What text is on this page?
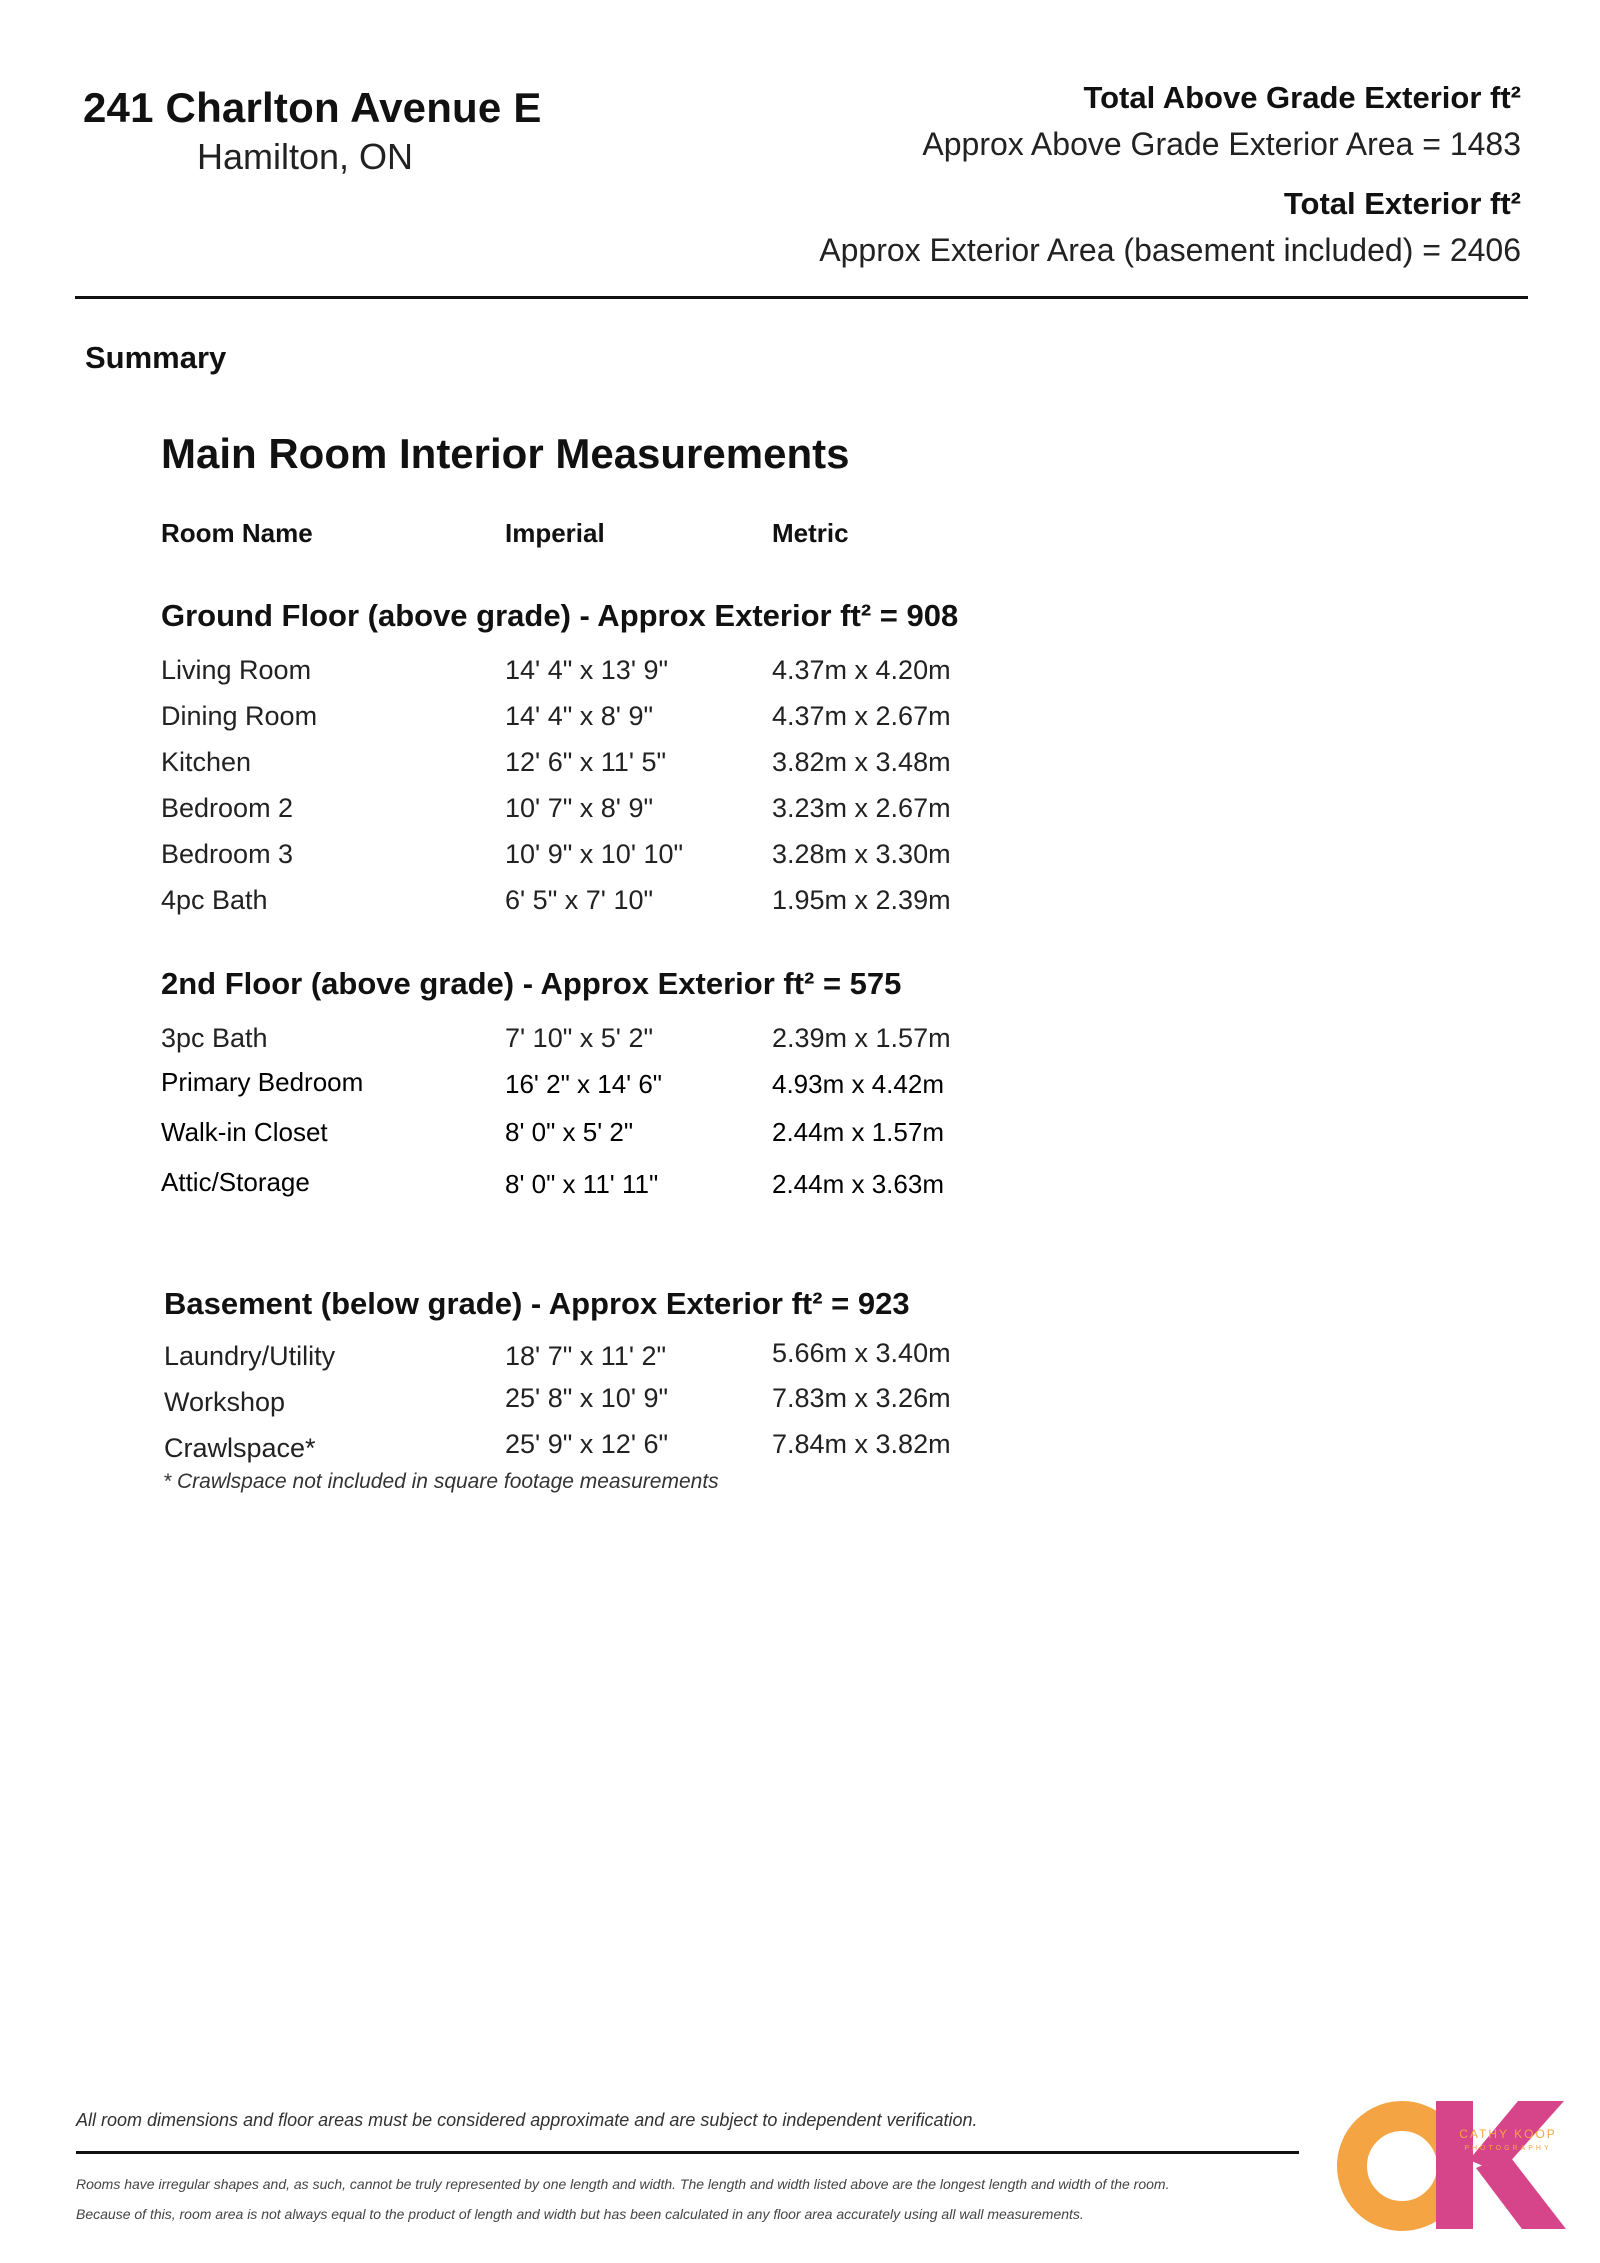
241 Charlton Avenue E
Hamilton, ON
Total Above Grade Exterior ft²
Approx Above Grade Exterior Area = 1483
Total Exterior ft²
Approx Exterior Area (basement included) = 2406
Summary
Main Room Interior Measurements
Room Name	Imperial	Metric
Ground Floor (above grade) - Approx Exterior ft² = 908
Living Room	14' 4" x 13' 9"	4.37m x 4.20m
Dining Room	14' 4" x 8' 9"	4.37m x 2.67m
Kitchen	12' 6" x 11' 5"	3.82m x 3.48m
Bedroom 2	10' 7" x 8' 9"	3.23m x 2.67m
Bedroom 3	10' 9" x 10' 10"	3.28m x 3.30m
4pc Bath	6' 5" x 7' 10"	1.95m x 2.39m
2nd Floor (above grade) - Approx Exterior ft² = 575
3pc Bath	7' 10" x 5' 2"	2.39m x 1.57m
Primary Bedroom	16' 2" x 14' 6"	4.93m x 4.42m
Walk-in Closet	8' 0" x 5' 2"	2.44m x 1.57m
Attic/Storage	8' 0" x 11' 11"	2.44m x 3.63m
Basement (below grade) - Approx Exterior ft² = 923
Laundry/Utility	18' 7" x 11' 2"	5.66m x 3.40m
Workshop	25' 8" x 10' 9"	7.83m x 3.26m
Crawlspace*	25' 9" x 12' 6"	7.84m x 3.82m
* Crawlspace not included in square footage measurements
All room dimensions and floor areas must be considered approximate and are subject to independent verification.
Rooms have irregular shapes and, as such, cannot be truly represented by one length and width. The length and width listed above are the longest length and width of the room.
Because of this, room area is not always equal to the product of length and width but has been calculated in any floor area accurately using all wall measurements.
CATHY KOOP
PHOTOGRAPHY
